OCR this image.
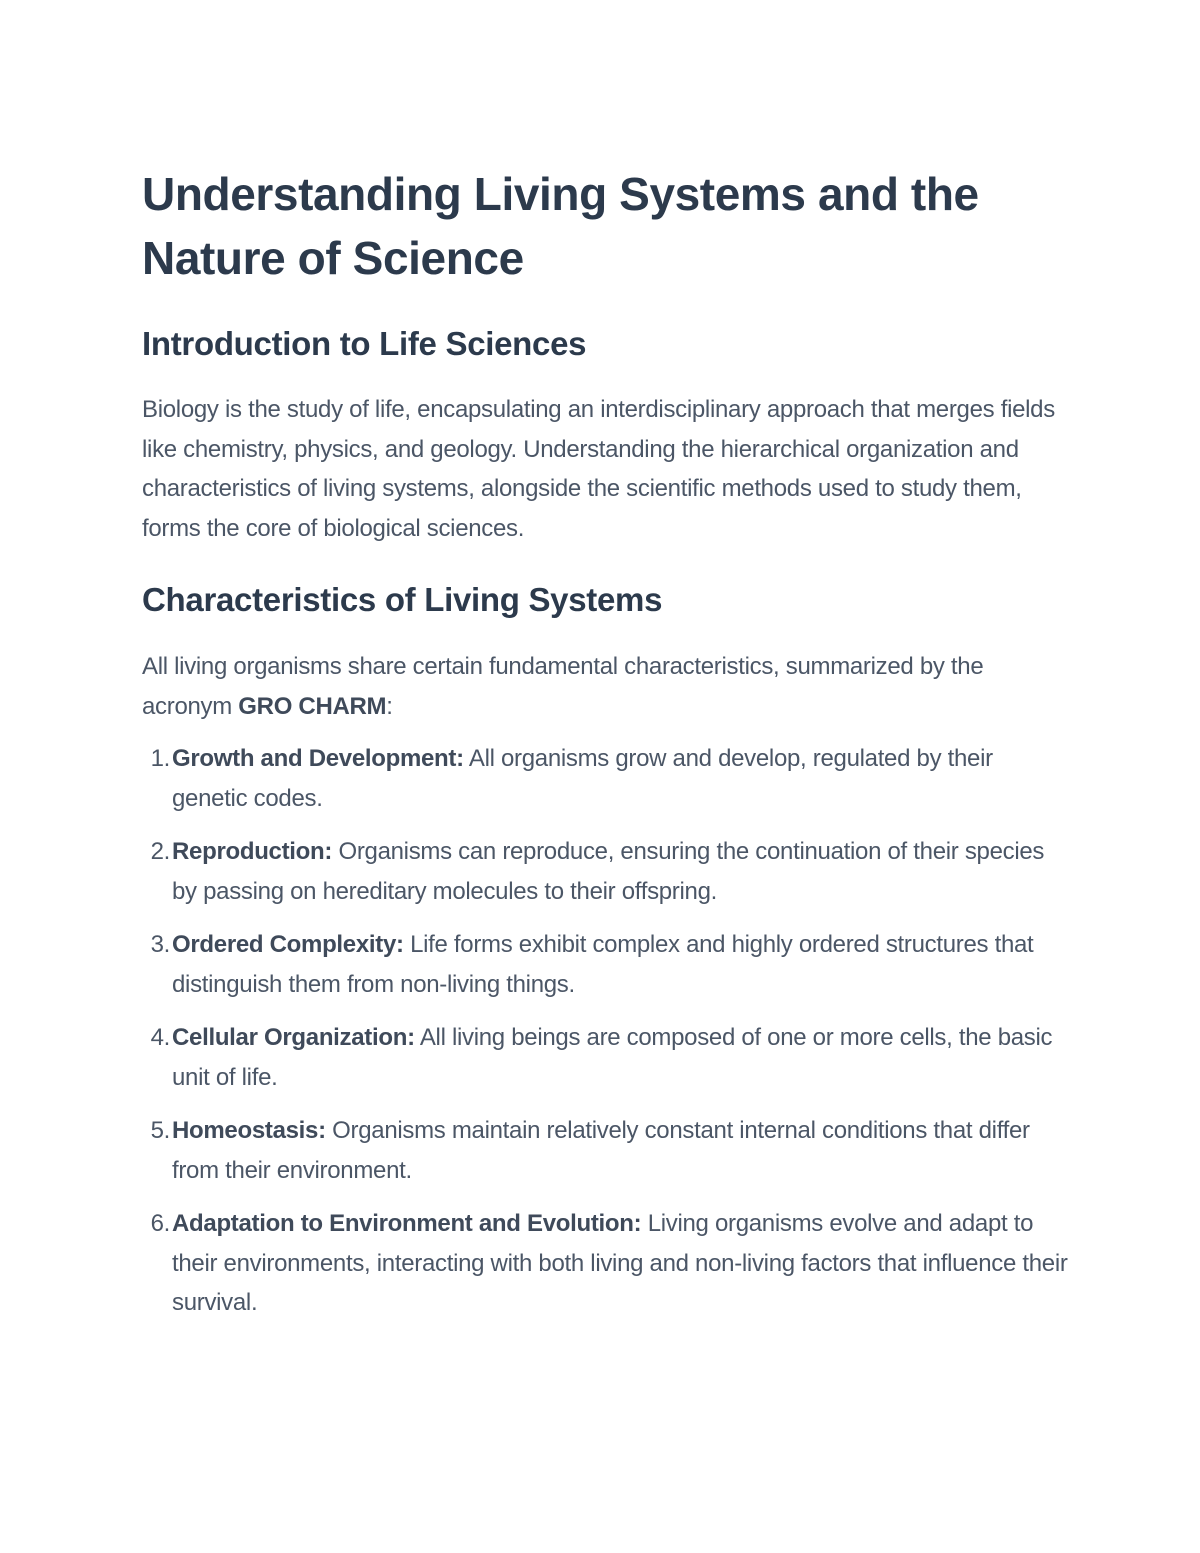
Understanding Living Systems and the Nature of Science
Introduction to Life Sciences

Biology is the study of life, encapsulating an interdisciplinary approach that merges fields like chemistry, physics, and geology. Understanding the hierarchical organization and characteristics of living systems, alongside the scientific methods used to study them, forms the core of biological sciences.

Characteristics of Living Systems

All living organisms share certain fundamental characteristics, summarized by the acronym GRO CHARM:

1. Growth and Development: All organisms grow and develop, regulated by their genetic codes.
2. Reproduction: Organisms can reproduce, ensuring the continuation of their species by passing on hereditary molecules to their offspring.
3. Ordered Complexity: Life forms exhibit complex and highly ordered structures that distinguish them from non-living things.
4. Cellular Organization: All living beings are composed of one or more cells, the basic unit of life.
5. Homeostasis: Organisms maintain relatively constant internal conditions that differ from their environment.
6. Adaptation to Environment and Evolution: Living organisms evolve and adapt to their environments, interacting with both living and non-living factors that influence their survival.
